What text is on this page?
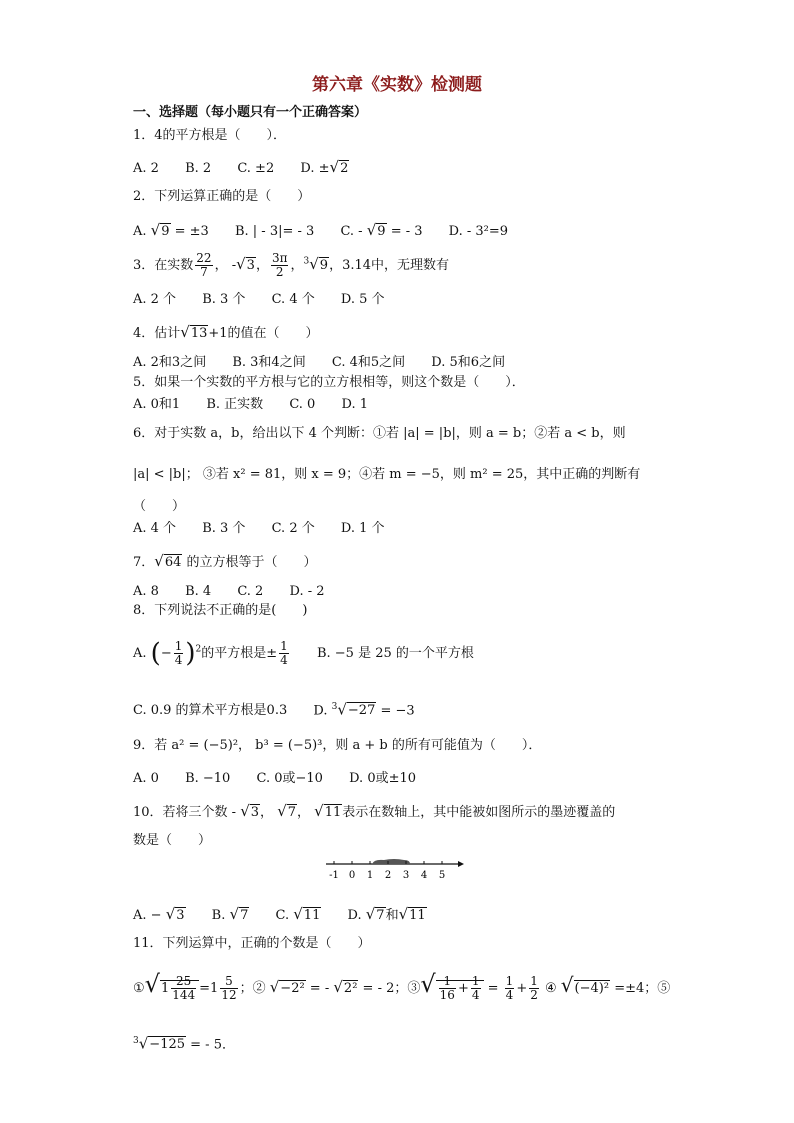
第六章《实数》检测题
一、选择题（每小题只有一个正确答案）
1．4的平方根是（　　）．
A. 2 B. 2 C. ±2 D. ±√2
2．下列运算正确的是（　　）
A. √9 = ±3 B. | - 3|= - 3 C. - √9 = - 3 D. - 3²=9
3．在实数 $\frac{22}{7}$ ， -√3， $\frac{3\pi}{2}$ ，$^3$√9，3.14中，无理数有
A. 2 个 B. 3 个 C. 4 个 D. 5 个
4．估计√13+1的值在（　　）
A. 2和3之间 B. 3和4之间 C. 4和5之间 D. 5和6之间
5．如果一个实数的平方根与它的立方根相等，则这个数是（　　）．
A. 0和1 B. 正实数 C. 0 D. 1
6．对于实数 a，b，给出以下 4 个判断：①若 |a| = |b|，则 a = b；②若 a < b，则
|a| < |b|； ③若 x² = 81，则 x = 9；④若 m = −5，则 m² = 25，其中正确的判断有
（　　）
A. 4 个 B. 3 个 C. 2 个 D. 1 个
7．√64 的立方根等于（　　）
A. 8 B. 4 C. 2 D. - 2
8．下列说法不正确的是(　　)
A. (− $\frac{1}{4} )^2$的平方根是± $\frac{1}{4} B$. −5 是 25 的一个平方根
C. 0.9 的算术平方根是0.3 D. $^3$√−27 = −3
9．若 a² = (−5)²， b³ = (−5)³，则 a + b 的所有可能值为（　　）．
A. 0 B. −10 C. 0或−10 D. 0或±10
10．若将三个数 - √3， √7， √11表示在数轴上，其中能被如图所示的墨迹覆盖的
数是（　　）
-1 0 1 2 3 4 5
A. − √3 B. √7 C. √11 D. √7和√11
11．下列运算中，正确的个数是（　　）
①√1 $\frac{25}{144} =1 \frac{5}{12}$ ；② √−2² = - √2² = - 2；③√ $\frac{1}{16} + \frac{1}{4} = \frac{1}{4} + \frac{1}{2}$ ④ √(−4)² =±4；⑤
$^3$√−125 = - 5．
